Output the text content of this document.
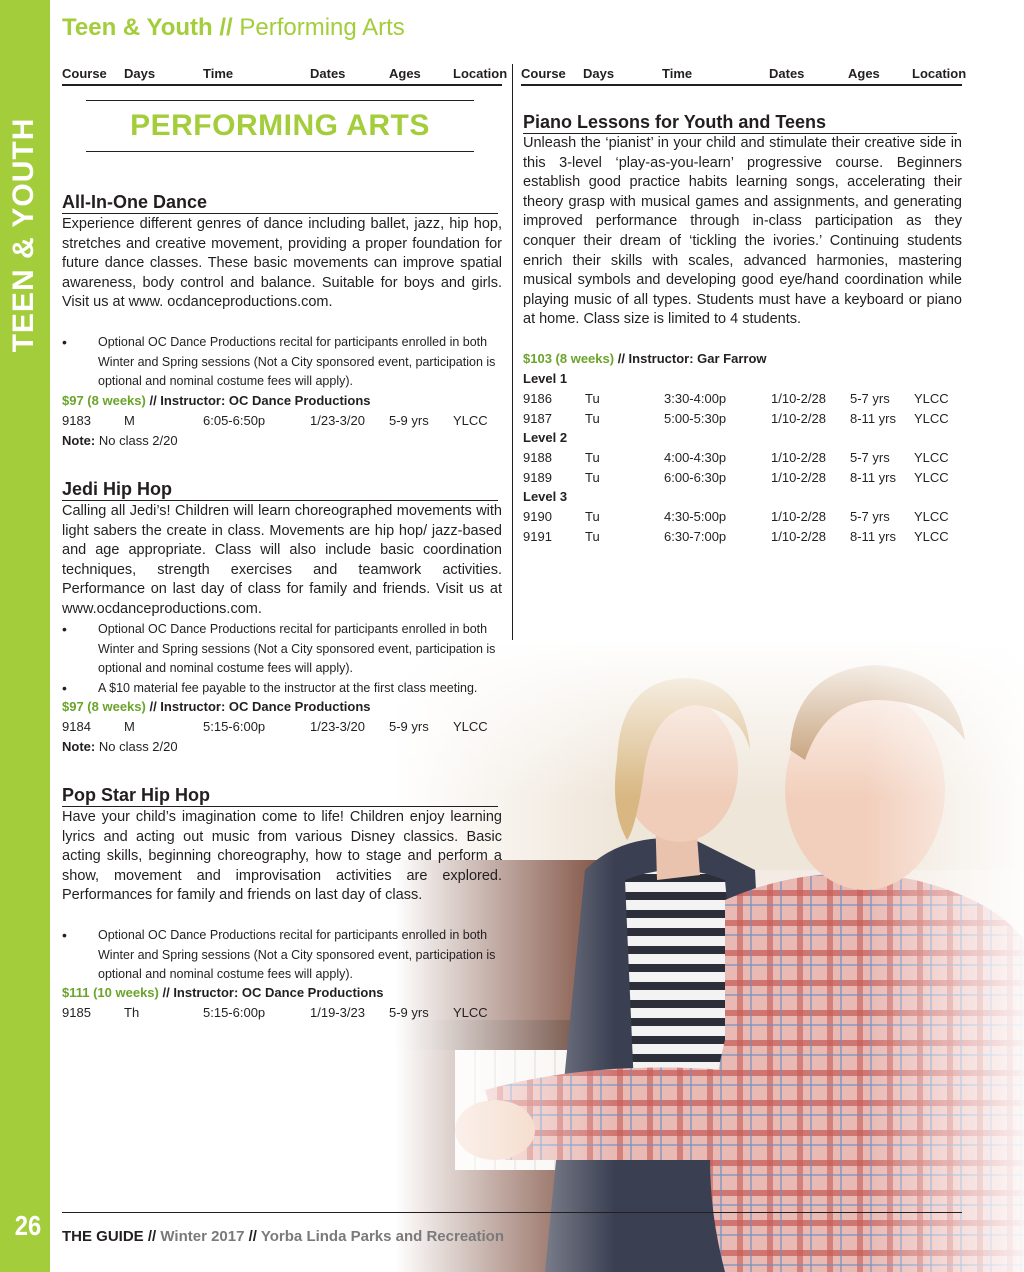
TEEN & YOUTH
26
Teen & Youth // Performing Arts
Course Days	Time	Dates	Ages Location Course Days	Time	Dates	Ages Location
PERFORMING ARTS
All-In-One Dance
Experience different genres of dance including ballet, jazz, hip hop, stretches and creative movement, providing a proper foundation for future dance classes. These basic movements can improve spatial awareness, body control and balance. Suitable for boys and girls. Visit us at www. ocdanceproductions.com.
• Optional OC Dance Productions recital for participants enrolled in both Winter and Spring sessions (Not a City sponsored event, participation is optional and nominal costume fees will apply).
$97 (8 weeks) // Instructor: OC Dance Productions
9183	M	6:05-6:50p	1/23-3/20 5-9 yrs YLCC
Note: No class 2/20
Jedi Hip Hop
Calling all Jedi’s! Children will learn choreographed movements with light sabers the create in class. Movements are hip hop/ jazz-based and age appropriate. Class will also include basic coordination techniques, strength exercises and teamwork activities. Performance on last day of class for family and friends. Visit us at www.ocdanceproductions.com.
• Optional OC Dance Productions recital for participants enrolled in both Winter and Spring sessions (Not a City sponsored event, participation is optional and nominal costume fees will apply).
• A $10 material fee payable to the instructor at the first class meeting.
$97 (8 weeks) // Instructor: OC Dance Productions
9184	M	5:15-6:00p	1/23-3/20 5-9 yrs YLCC
Note: No class 2/20
Pop Star Hip Hop
Have your child’s imagination come to life! Children enjoy learning lyrics and acting out music from various Disney classics. Basic acting skills, beginning choreography, how to stage and perform a show, movement and improvisation activities are explored. Performances for family and friends on last day of class.
• Optional OC Dance Productions recital for participants enrolled in both Winter and Spring sessions (Not a City sponsored event, participation is optional and nominal costume fees will apply).
$111 (10 weeks) // Instructor: OC Dance Productions
9185	Th	5:15-6:00p	1/19-3/23 5-9 yrs YLCC
Piano Lessons for Youth and Teens
Unleash the ‘pianist’ in your child and stimulate their creative side in this 3-level ‘play-as-you-learn’ progressive course. Beginners establish good practice habits learning songs, accelerating their theory grasp with musical games and assignments, and generating improved performance through in-class participation as they conquer their dream of ‘tickling the ivories.’ Continuing students enrich their skills with scales, advanced harmonies, mastering musical symbols and developing good eye/hand coordination while playing music of all types. Students must have a keyboard or piano at home. Class size is limited to 4 students.
$103 (8 weeks) // Instructor: Gar Farrow
Level 1
9186	Tu	3:30-4:00p	1/10-2/28 5-7 yrs YLCC
9187	Tu	5:00-5:30p	1/10-2/28 8-11 yrs YLCC
Level 2
9188	Tu	4:00-4:30p	1/10-2/28 5-7 yrs YLCC
9189	Tu	6:00-6:30p	1/10-2/28 8-11 yrs YLCC
Level 3
9190	Tu	4:30-5:00p	1/10-2/28 5-7 yrs YLCC
9191	Tu	6:30-7:00p	1/10-2/28 8-11 yrs YLCC
THE GUIDE // Winter 2017 // Yorba Linda Parks and Recreation
